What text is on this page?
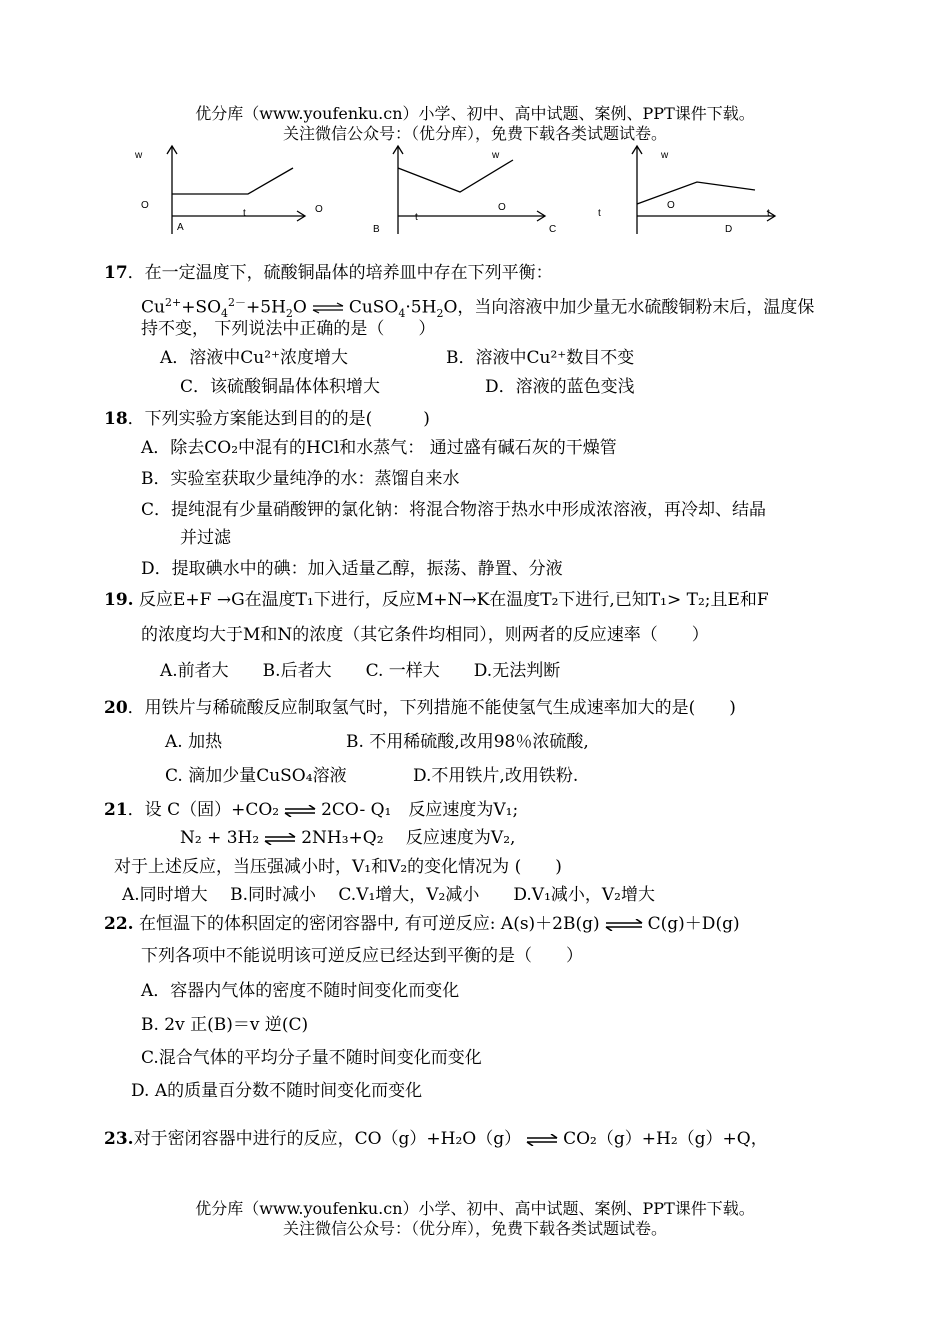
优分库（www.youfenku.cn）小学、初中、高中试题、案例、PPT课件下载。
关注微信公众号：（优分库），免费下载各类试题试卷。
w
O
t
A
O
t
B
w
O
C
w
t
O
t
D
17．在一定温度下，硫酸铜晶体的培养皿中存在下列平衡：
$Cu^{2+}+SO_4^{2-}+5H_2O$ ⇌ $CuSO_4\cdot 5H_2O$，当向溶液中加少量无水硫酸铜粉末后，温度保
持不变， 下列说法中正确的是（　　）
A．溶液中Cu²⁺浓度增大	B．溶液中Cu²⁺数目不变
C．该硫酸铜晶体体积增大	D．溶液的蓝色变浅
18．下列实验方案能达到目的的是(　　　)
A．除去CO₂中混有的HCl和水蒸气： 通过盛有碱石灰的干燥管
B．实验室获取少量纯净的水：蒸馏自来水
C．提纯混有少量硝酸钾的氯化钠：将混合物溶于热水中形成浓溶液，再冷却、结晶
并过滤
D．提取碘水中的碘：加入适量乙醇，振荡、静置、分液
19. 反应E+F →G在温度T₁下进行，反应M+N→K在温度T₂下进行,已知T₁> T₂;且E和F
的浓度均大于M和N的浓度（其它条件均相同），则两者的反应速率（　　）
A.前者大　　B.后者大　　C. 一样大　　D.无法判断
20．用铁片与稀硫酸反应制取氢气时，下列措施不能使氢气生成速率加大的是(　　)
A. 加热	B. 不用稀硫酸,改用98％浓硫酸,
C. 滴加少量CuSO₄溶液	D.不用铁片,改用铁粉.
21．设 C（固）+CO₂ ⇌ 2CO- Q₁　反应速度为V₁;
N₂ + 3H₂ ⇌ 2NH₃+Q₂　 反应速度为V₂,
对于上述反应，当压强减小时，V₁和V₂的变化情况为 (　　)
A.同时增大　 B.同时减小　 C.V₁增大，V₂减小　　D.V₁减小，V₂增大
22. 在恒温下的体积固定的密闭容器中, 有可逆反应: A(s)＋2B(g) ⇌ C(g)＋D(g)
下列各项中不能说明该可逆反应已经达到平衡的是（　　）
A．容器内气体的密度不随时间变化而变化
B. 2v 正(B)＝v 逆(C)
C.混合气体的平均分子量不随时间变化而变化
D. A的质量百分数不随时间变化而变化
23.对于密闭容器中进行的反应，CO（g）+H₂O（g） ⇌ CO₂（g）+H₂（g）+Q，
优分库（www.youfenku.cn）小学、初中、高中试题、案例、PPT课件下载。
关注微信公众号：（优分库），免费下载各类试题试卷。
